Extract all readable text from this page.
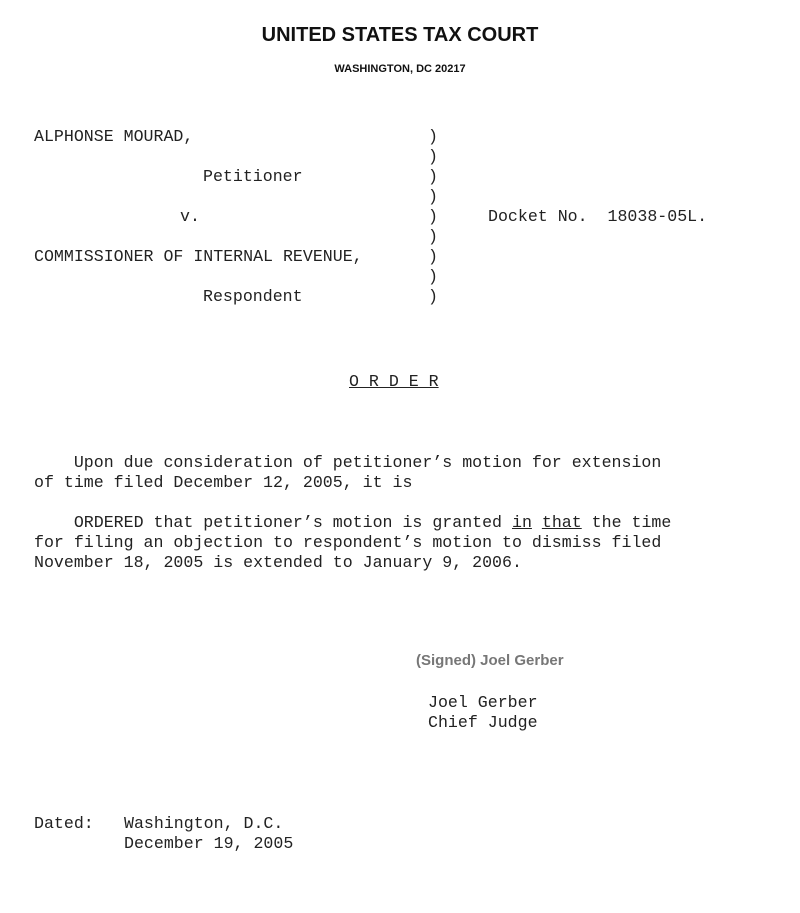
UNITED STATES TAX COURT
WASHINGTON, DC 20217
ALPHONSE MOURAD,
Petitioner
v.
COMMISSIONER OF INTERNAL REVENUE,
Respondent
)
)
)
)
)
)
)
)
)
Docket No.  18038-05L.
O R D E R
Upon due consideration of petitioner’s motion for extension
of time filed December 12, 2005, it is
ORDERED that petitioner’s motion is granted in that the time
for filing an objection to respondent’s motion to dismiss filed
November 18, 2005 is extended to January 9, 2006.
(Signed) Joel Gerber
Joel Gerber
Chief Judge
Dated: Washington, D.C.
December 19, 2005
